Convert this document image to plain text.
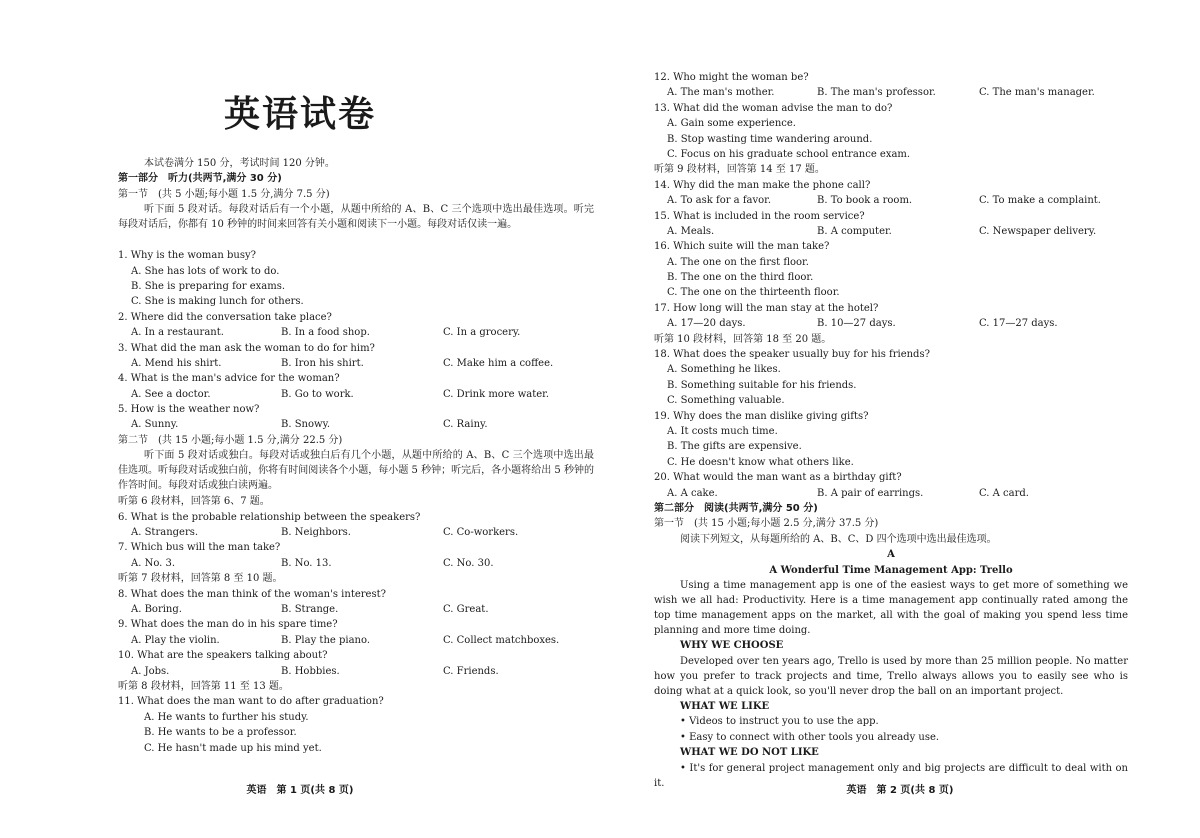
英语试卷
本试卷满分 150 分，考试时间 120 分钟。
第一部分　听力(共两节,满分 30 分)
第一节　(共 5 小题;每小题 1.5 分,满分 7.5 分)
听下面 5 段对话。每段对话后有一个小题，从题中所给的 A、B、C 三个选项中选出最佳选项。听完每段对话后，你都有 10 秒钟的时间来回答有关小题和阅读下一小题。每段对话仅读一遍。
1. Why is the woman busy?
A. She has lots of work to do.
B. She is preparing for exams.
C. She is making lunch for others.
2. Where did the conversation take place?
A. In a restaurant.	B. In a food shop.	C. In a grocery.
3. What did the man ask the woman to do for him?
A. Mend his shirt.	B. Iron his shirt.	C. Make him a coffee.
4. What is the man's advice for the woman?
A. See a doctor.	B. Go to work.	C. Drink more water.
5. How is the weather now?
A. Sunny.	B. Snowy.	C. Rainy.
第二节　(共 15 小题;每小题 1.5 分,满分 22.5 分)
听下面 5 段对话或独白。每段对话或独白后有几个小题，从题中所给的 A、B、C 三个选项中选出最佳选项。听每段对话或独白前，你将有时间阅读各个小题，每小题 5 秒钟；听完后，各小题将给出 5 秒钟的作答时间。每段对话或独白读两遍。
听第 6 段材料，回答第 6、7 题。
6. What is the probable relationship between the speakers?
A. Strangers.	B. Neighbors.	C. Co-workers.
7. Which bus will the man take?
A. No. 3.	B. No. 13.	C. No. 30.
听第 7 段材料，回答第 8 至 10 题。
8. What does the man think of the woman's interest?
A. Boring.	B. Strange.	C. Great.
9. What does the man do in his spare time?
A. Play the violin.	B. Play the piano.	C. Collect matchboxes.
10. What are the speakers talking about?
A. Jobs.	B. Hobbies.	C. Friends.
听第 8 段材料，回答第 11 至 13 题。
11. What does the man want to do after graduation?
A. He wants to further his study.
B. He wants to be a professor.
C. He hasn't made up his mind yet.
英语　第 1 页(共 8 页)
12. Who might the woman be?
A. The man's mother.	B. The man's professor.	C. The man's manager.
13. What did the woman advise the man to do?
A. Gain some experience.
B. Stop wasting time wandering around.
C. Focus on his graduate school entrance exam.
听第 9 段材料，回答第 14 至 17 题。
14. Why did the man make the phone call?
A. To ask for a favor.	B. To book a room.	C. To make a complaint.
15. What is included in the room service?
A. Meals.	B. A computer.	C. Newspaper delivery.
16. Which suite will the man take?
A. The one on the first floor.
B. The one on the third floor.
C. The one on the thirteenth floor.
17. How long will the man stay at the hotel?
A. 17—20 days.	B. 10—27 days.	C. 17—27 days.
听第 10 段材料，回答第 18 至 20 题。
18. What does the speaker usually buy for his friends?
A. Something he likes.
B. Something suitable for his friends.
C. Something valuable.
19. Why does the man dislike giving gifts?
A. It costs much time.
B. The gifts are expensive.
C. He doesn't know what others like.
20. What would the man want as a birthday gift?
A. A cake.	B. A pair of earrings.	C. A card.
第二部分　阅读(共两节,满分 50 分)
第一节　(共 15 小题;每小题 2.5 分,满分 37.5 分)
阅读下列短文，从每题所给的 A、B、C、D 四个选项中选出最佳选项。
A
A Wonderful Time Management App: Trello
Using a time management app is one of the easiest ways to get more of something we wish we all had: Productivity. Here is a time management app continually rated among the top time management apps on the market, all with the goal of making you spend less time planning and more time doing.
WHY WE CHOOSE
Developed over ten years ago, Trello is used by more than 25 million people. No matter how you prefer to track projects and time, Trello always allows you to easily see who is doing what at a quick look, so you'll never drop the ball on an important project.
WHAT WE LIKE
• Videos to instruct you to use the app.
• Easy to connect with other tools you already use.
WHAT WE DO NOT LIKE
• It's for general project management only and big projects are difficult to deal with on it.
英语　第 2 页(共 8 页)
